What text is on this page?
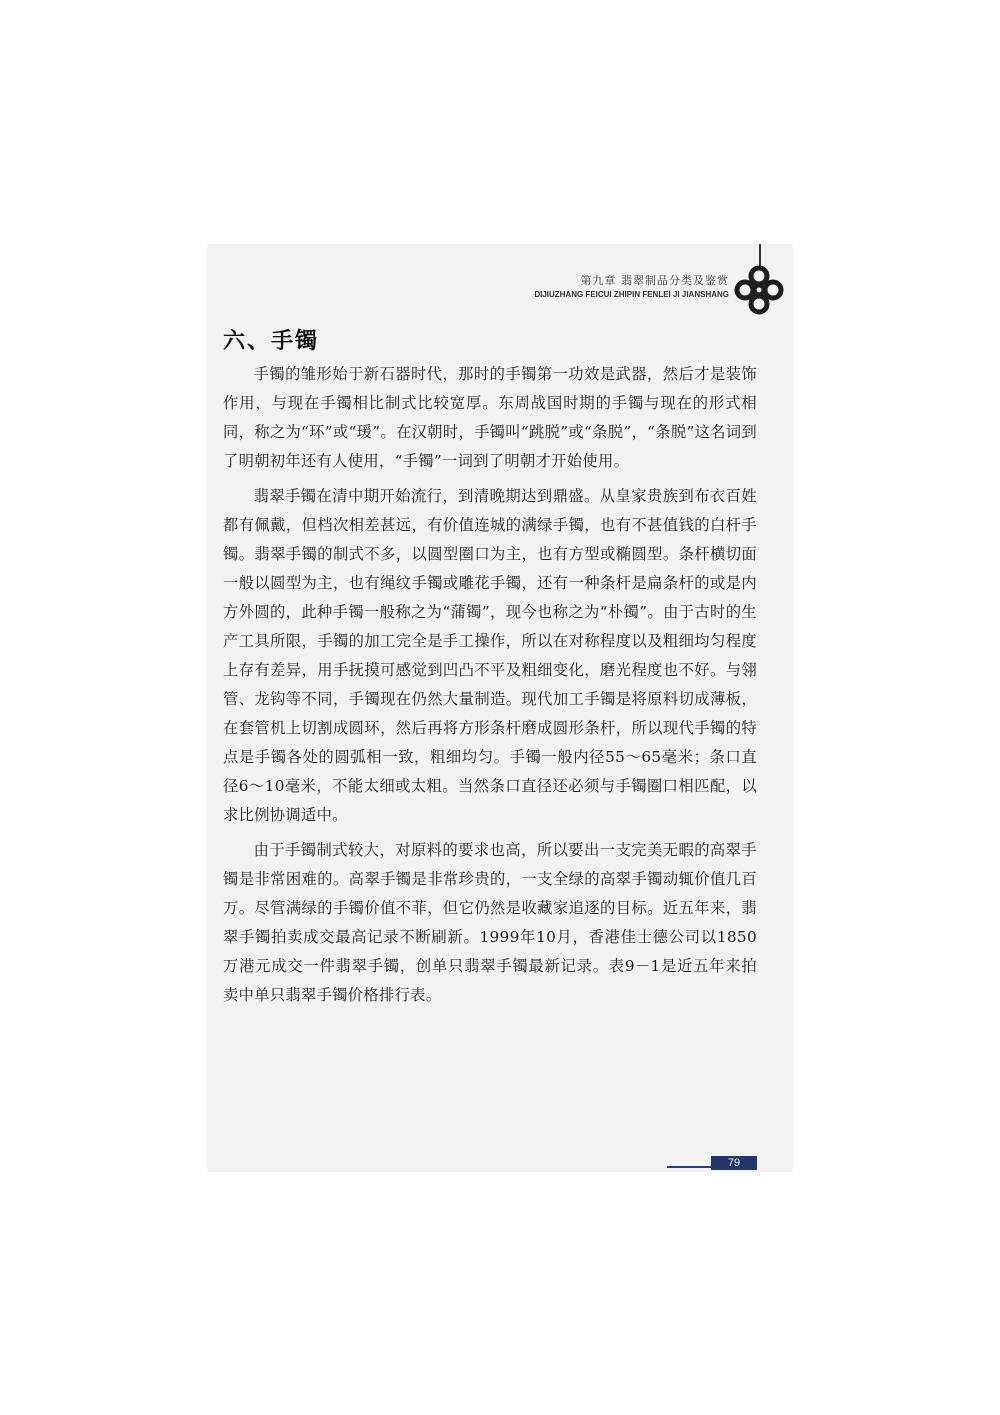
第九章 翡翠制品分类及鉴赏
DIJIUZHANG FEICUI ZHIPIN FENLEI JI JIANSHANG
六、手镯

手镯的雏形始于新石器时代，那时的手镯第一功效是武器，然后才是装饰作用，与现在手镯相比制式比较宽厚。东周战国时期的手镯与现在的形式相同，称之为“环”或“瑗”。在汉朝时，手镯叫“跳脱”或“条脱”，“条脱”这名词到了明朝初年还有人使用，“手镯”一词到了明朝才开始使用。

翡翠手镯在清中期开始流行，到清晚期达到鼎盛。从皇家贵族到布衣百姓都有佩戴，但档次相差甚远，有价值连城的满绿手镯，也有不甚值钱的白杆手镯。翡翠手镯的制式不多，以圆型圈口为主，也有方型或椭圆型。条杆横切面一般以圆型为主，也有绳纹手镯或雕花手镯，还有一种条杆是扁条杆的或是内方外圆的，此种手镯一般称之为“蒲镯”，现今也称之为“朴镯”。由于古时的生产工具所限，手镯的加工完全是手工操作，所以在对称程度以及粗细均匀程度上存有差异，用手抚摸可感觉到凹凸不平及粗细变化，磨光程度也不好。与翎管、龙钩等不同，手镯现在仍然大量制造。现代加工手镯是将原料切成薄板，在套管机上切割成圆环，然后再将方形条杆磨成圆形条杆，所以现代手镯的特点是手镯各处的圆弧相一致，粗细均匀。手镯一般内径55～65毫米；条口直径6～10毫米，不能太细或太粗。当然条口直径还必须与手镯圈口相匹配，以求比例协调适中。

由于手镯制式较大，对原料的要求也高，所以要出一支完美无暇的高翠手镯是非常困难的。高翠手镯是非常珍贵的，一支全绿的高翠手镯动辄价值几百万。尽管满绿的手镯价值不菲，但它仍然是收藏家追逐的目标。近五年来，翡翠手镯拍卖成交最高记录不断刷新。1999年10月，香港佳士德公司以1850万港元成交一件翡翠手镯，创单只翡翠手镯最新记录。表9－1是近五年来拍卖中单只翡翠手镯价格排行表。

79
